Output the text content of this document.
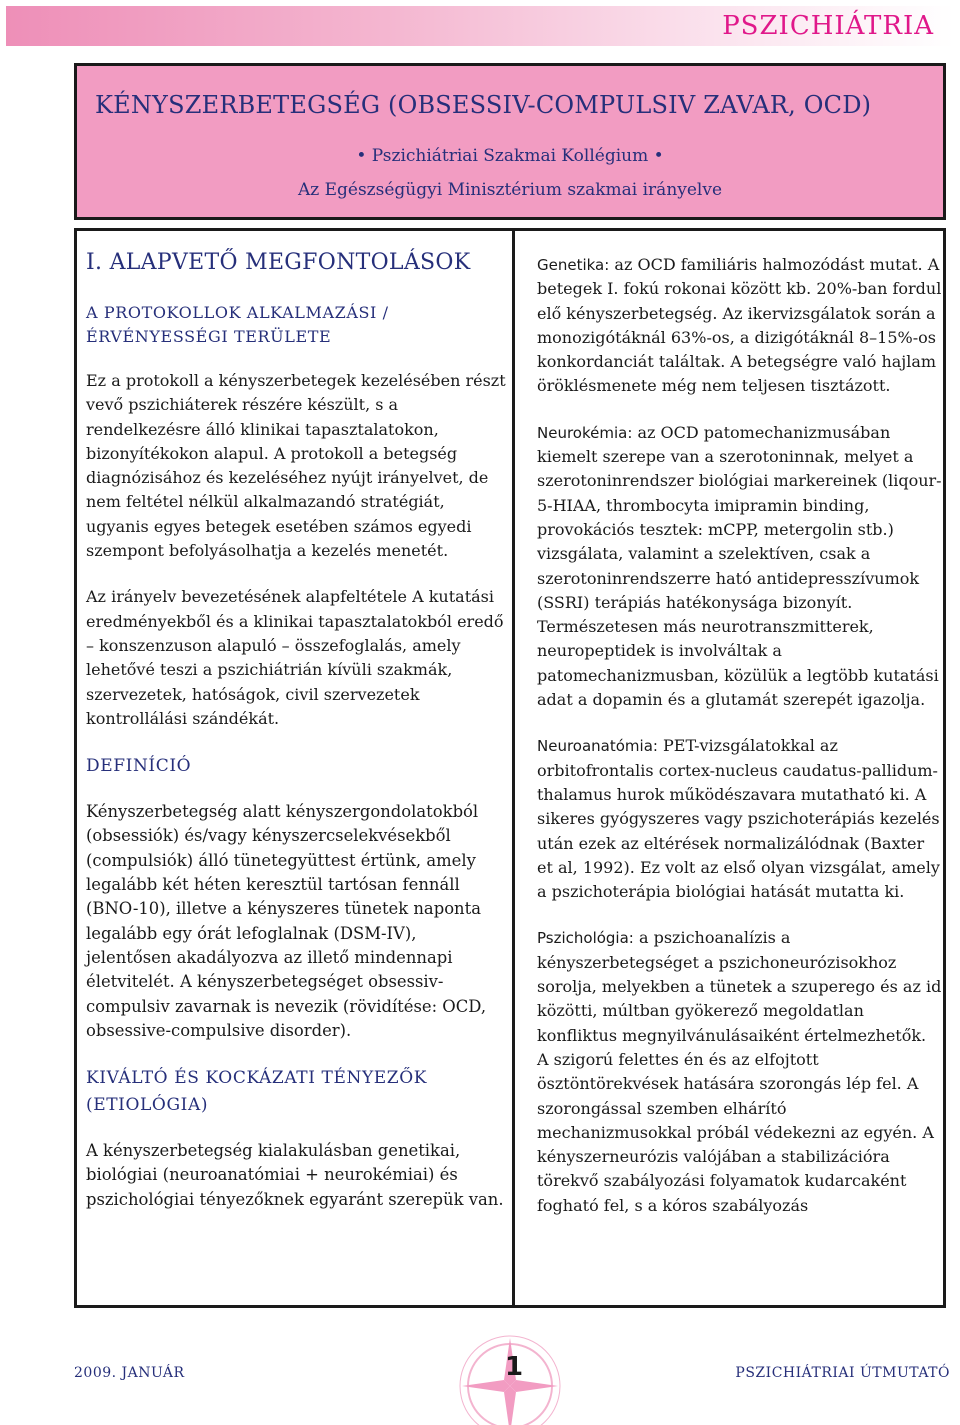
PSZICHIÁTRIA
KÉNYSZERBETEGSÉG (OBSESSIV-COMPULSIV ZAVAR, OCD)
• Pszichiátriai Szakmai Kollégium •
Az Egészségügyi Minisztérium szakmai irányelve
I. ALAPVETŐ MEGFONTOLÁSOK
A PROTOKOLLOK ALKALMAZÁSI /
ÉRVÉNYESSÉGI TERÜLETE

Ez a protokoll a kényszerbetegek kezelésében részt vevő pszichiáterek részére készült, s a rendelkezésre álló klinikai tapasztalatokon, bizonyítékokon alapul. A protokoll a betegség diagnózisához és kezeléséhez nyújt irányelvet, de nem feltétel nélkül alkalmazandó stratégiát, ugyanis egyes betegek esetében számos egyedi szempont befolyásolhatja a kezelés menetét.

Az irányelv bevezetésének alapfeltétele A kutatási eredményekből és a klinikai tapasztalatokból eredő – konszenzuson alapuló – összefoglalás, amely lehetővé teszi a pszichiátrián kívüli szakmák, szervezetek, hatóságok, civil szervezetek kontrollálási szándékát.

DEFINÍCIÓ

Kényszerbetegség alatt kényszergondolatokból (obsessiók) és/vagy kényszercselekvésekből (compulsiók) álló tünetegyüttest értünk, amely legalább két héten keresztül tartósan fennáll (BNO-10), illetve a kényszeres tünetek naponta legalább egy órát lefoglalnak (DSM-IV), jelentősen akadályozva az illető mindennapi életvitelét. A kényszerbetegséget obsessiv-compulsiv zavarnak is nevezik (rövidítése: OCD, obsessive-compulsive disorder).

KIVÁLTÓ ÉS KOCKÁZATI TÉNYEZŐK
(ETIOLÓGIA)

A kényszerbetegség kialakulásban genetikai, biológiai (neuroanatómiai + neurokémiai) és pszichológiai tényezőknek egyaránt szerepük van.

Genetika: az OCD familiáris halmozódást mutat. A betegek I. fokú rokonai között kb. 20%-ban fordul elő kényszerbetegség. Az ikervizsgálatok során a monozigótáknál 63%-os, a dizigótáknál 8–15%-os konkordanciát találtak. A betegségre való hajlam öröklésmenete még nem teljesen tisztázott.

Neurokémia: az OCD patomechanizmusában kiemelt szerepe van a szerotoninnak, melyet a szerotoninrendszer biológiai markereinek (liqour-5-HIAA, thrombocyta imipramin binding, provokációs tesztek: mCPP, metergolin stb.) vizsgálata, valamint a szelektíven, csak a szerotoninrendszerre ható antidepresszívumok (SSRI) terápiás hatékonysága bizonyít. Természetesen más neurotranszmitterek, neuropeptidek is involváltak a patomechanizmusban, közülük a legtöbb kutatási adat a dopamin és a glutamát szerepét igazolja.

Neuroanatómia: PET-vizsgálatokkal az orbitofrontalis cortex-nucleus caudatus-pallidum-thalamus hurok működészavara mutatható ki. A sikeres gyógyszeres vagy pszichoterápiás kezelés után ezek az eltérések normalizálódnak (Baxter et al, 1992). Ez volt az első olyan vizsgálat, amely a pszichoterápia biológiai hatását mutatta ki.

Pszichológia: a pszichoanalízis a kényszerbetegséget a pszichoneurózisokhoz sorolja, melyekben a tünetek a szuperego és az id közötti, múltban gyökerező megoldatlan konfliktus megnyilvánulásaiként értelmezhetők. A szigorú felettes én és az elfojtott ösztöntörekvések hatására szorongás lép fel. A szorongással szemben elhárító mechanizmusokkal próbál védekezni az egyén. A kényszerneurózis valójában a stabilizációra törekvő szabályozási folyamatok kudarcaként fogható fel, s a kóros szabályozás

2009. JANUÁR	1	PSZICHIÁTRIAI ÚTMUTATÓ
